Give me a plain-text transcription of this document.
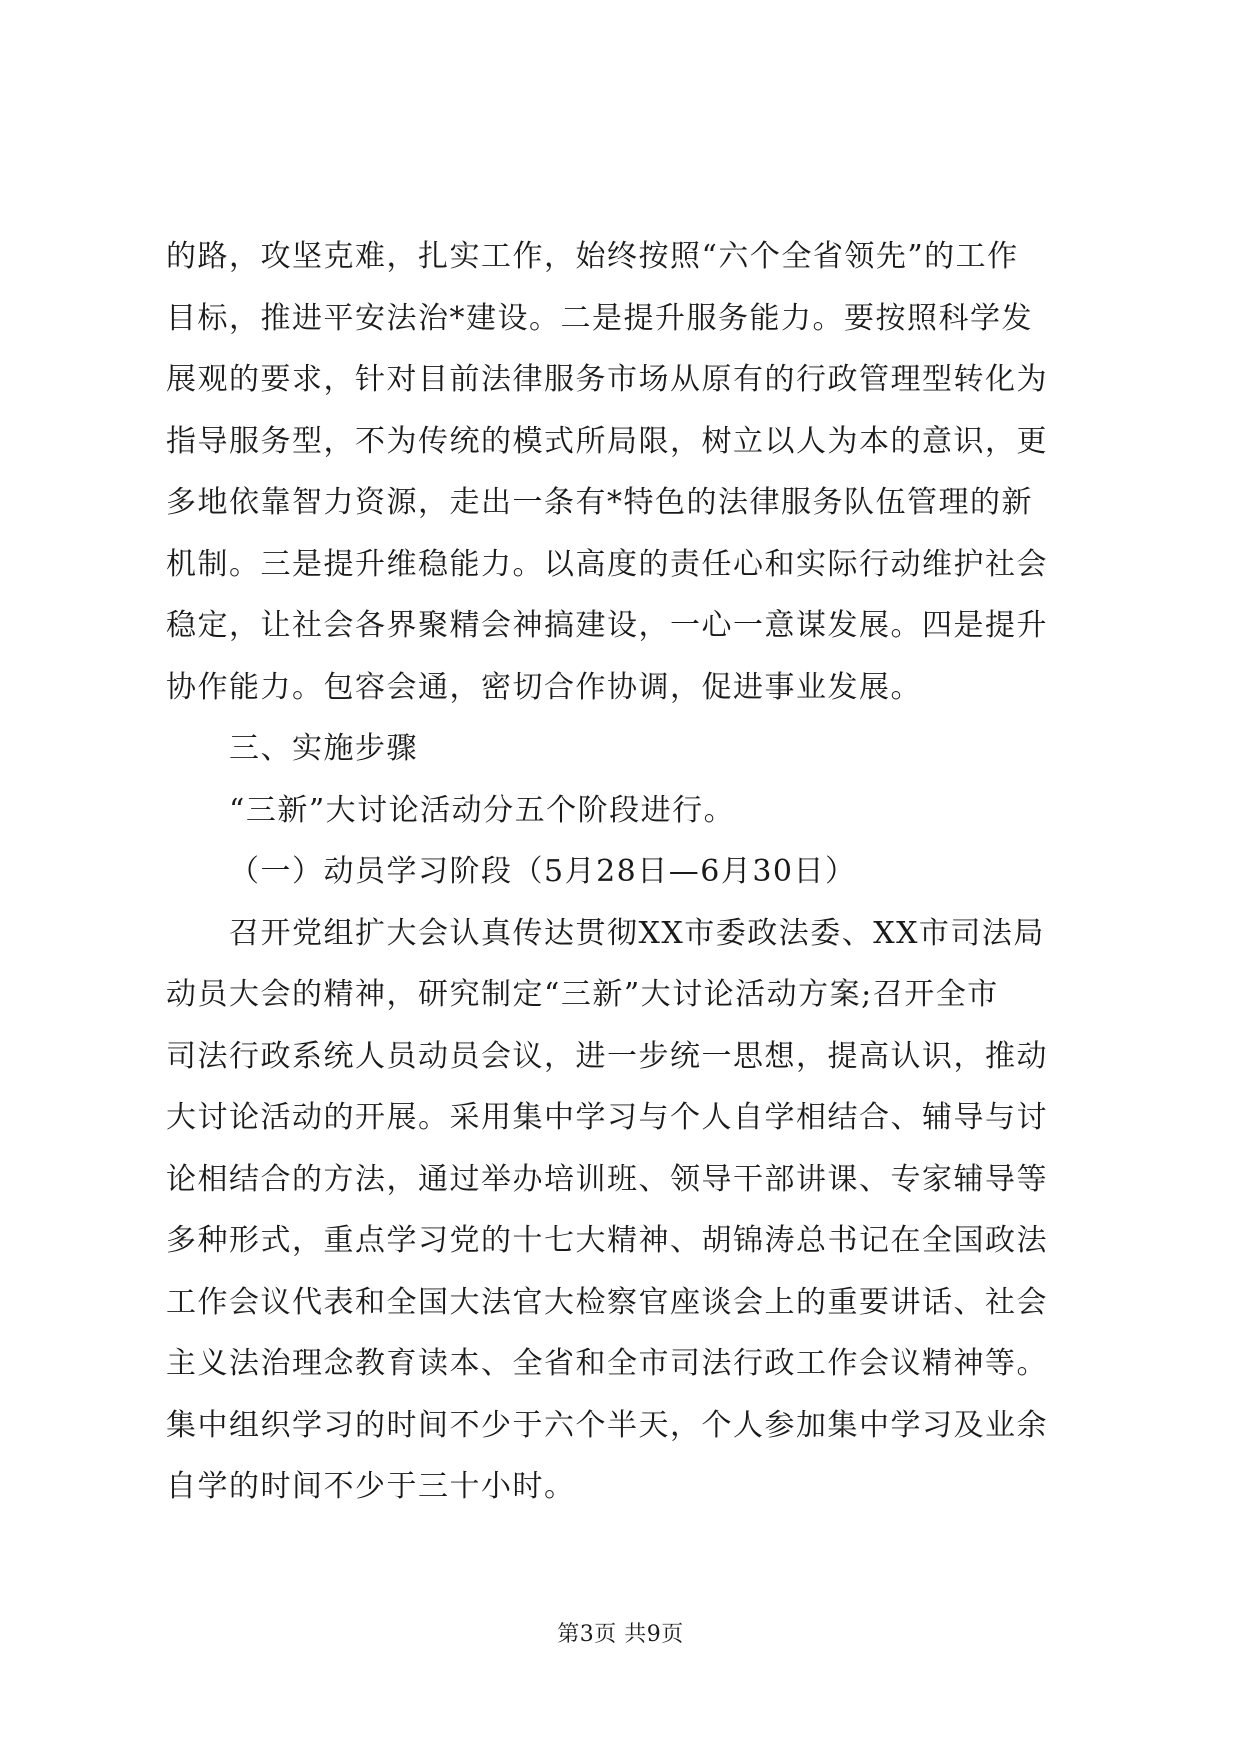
的路，攻坚克难，扎实工作，始终按照“六个全省领先”的工作
目标，推进平安法治*建设。二是提升服务能力。要按照科学发
展观的要求，针对目前法律服务市场从原有的行政管理型转化为
指导服务型，不为传统的模式所局限，树立以人为本的意识，更
多地依靠智力资源，走出一条有*特色的法律服务队伍管理的新
机制。三是提升维稳能力。以高度的责任心和实际行动维护社会
稳定，让社会各界聚精会神搞建设，一心一意谋发展。四是提升
协作能力。包容会通，密切合作协调，促进事业发展。
三、实施步骤
“三新”大讨论活动分五个阶段进行。
（一）动员学习阶段（5月28日—6月30日）
召开党组扩大会认真传达贯彻XX市委政法委、XX市司法局
动员大会的精神，研究制定“三新”大讨论活动方案;召开全市
司法行政系统人员动员会议，进一步统一思想，提高认识，推动
大讨论活动的开展。采用集中学习与个人自学相结合、辅导与讨
论相结合的方法，通过举办培训班、领导干部讲课、专家辅导等
多种形式，重点学习党的十七大精神、胡锦涛总书记在全国政法
工作会议代表和全国大法官大检察官座谈会上的重要讲话、社会
主义法治理念教育读本、全省和全市司法行政工作会议精神等。
集中组织学习的时间不少于六个半天，个人参加集中学习及业余
自学的时间不少于三十小时。
第3页 共9页
